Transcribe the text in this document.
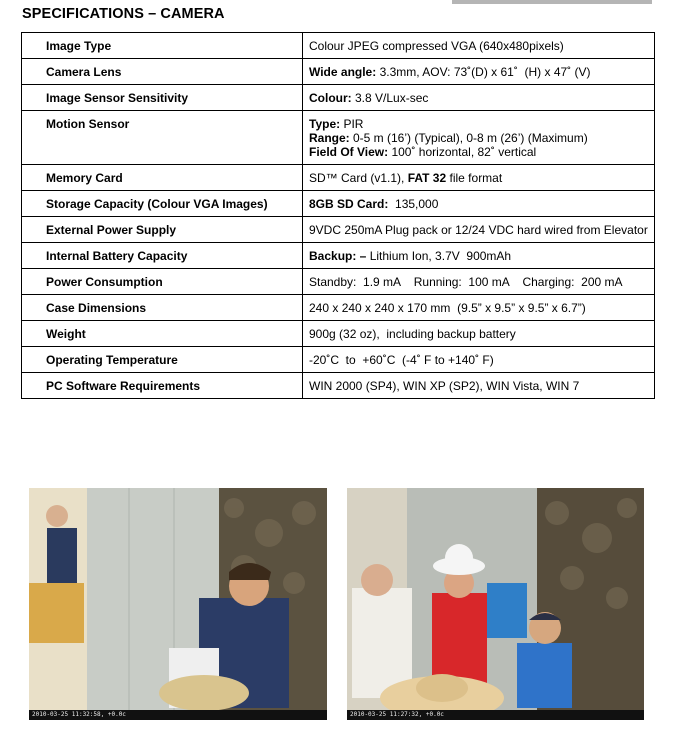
SPECIFICATIONS – CAMERA
Image Type	Colour JPEG compressed VGA (640x480pixels)

Camera Lens	Wide angle: 3.3mm, AOV: 73˚(D) x 61˚  (H) x 47˚ (V)

Image Sensor Sensitivity	Colour: 3.8 V/Lux-sec

Motion Sensor	Type: PIR
Range: 0-5 m (16’) (Typical), 0-8 m (26’) (Maximum)
Field Of View: 100˚ horizontal, 82˚ vertical

Memory Card	SD™ Card (v1.1), FAT 32 file format

Storage Capacity (Colour VGA Images)	8GB SD Card:  135,000

External Power Supply	9VDC 250mA Plug pack or 12/24 VDC hard wired from Elevator

Internal Battery Capacity	Backup: – Lithium Ion, 3.7V  900mAh

Power Consumption	Standby:  1.9 mA    Running:  100 mA    Charging:  200 mA

Case Dimensions	240 x 240 x 240 x 170 mm  (9.5” x 9.5” x 9.5” x 6.7”)

Weight	900g (32 oz),  including backup battery

Operating Temperature	-20˚C  to  +60˚C  (-4˚ F to +140˚ F)

PC Software Requirements	WIN 2000 (SP4), WIN XP (SP2), WIN Vista, WIN 7
2010-03-25 11:32:58, +0.0c	2010-03-25 11:27:32, +0.0c
